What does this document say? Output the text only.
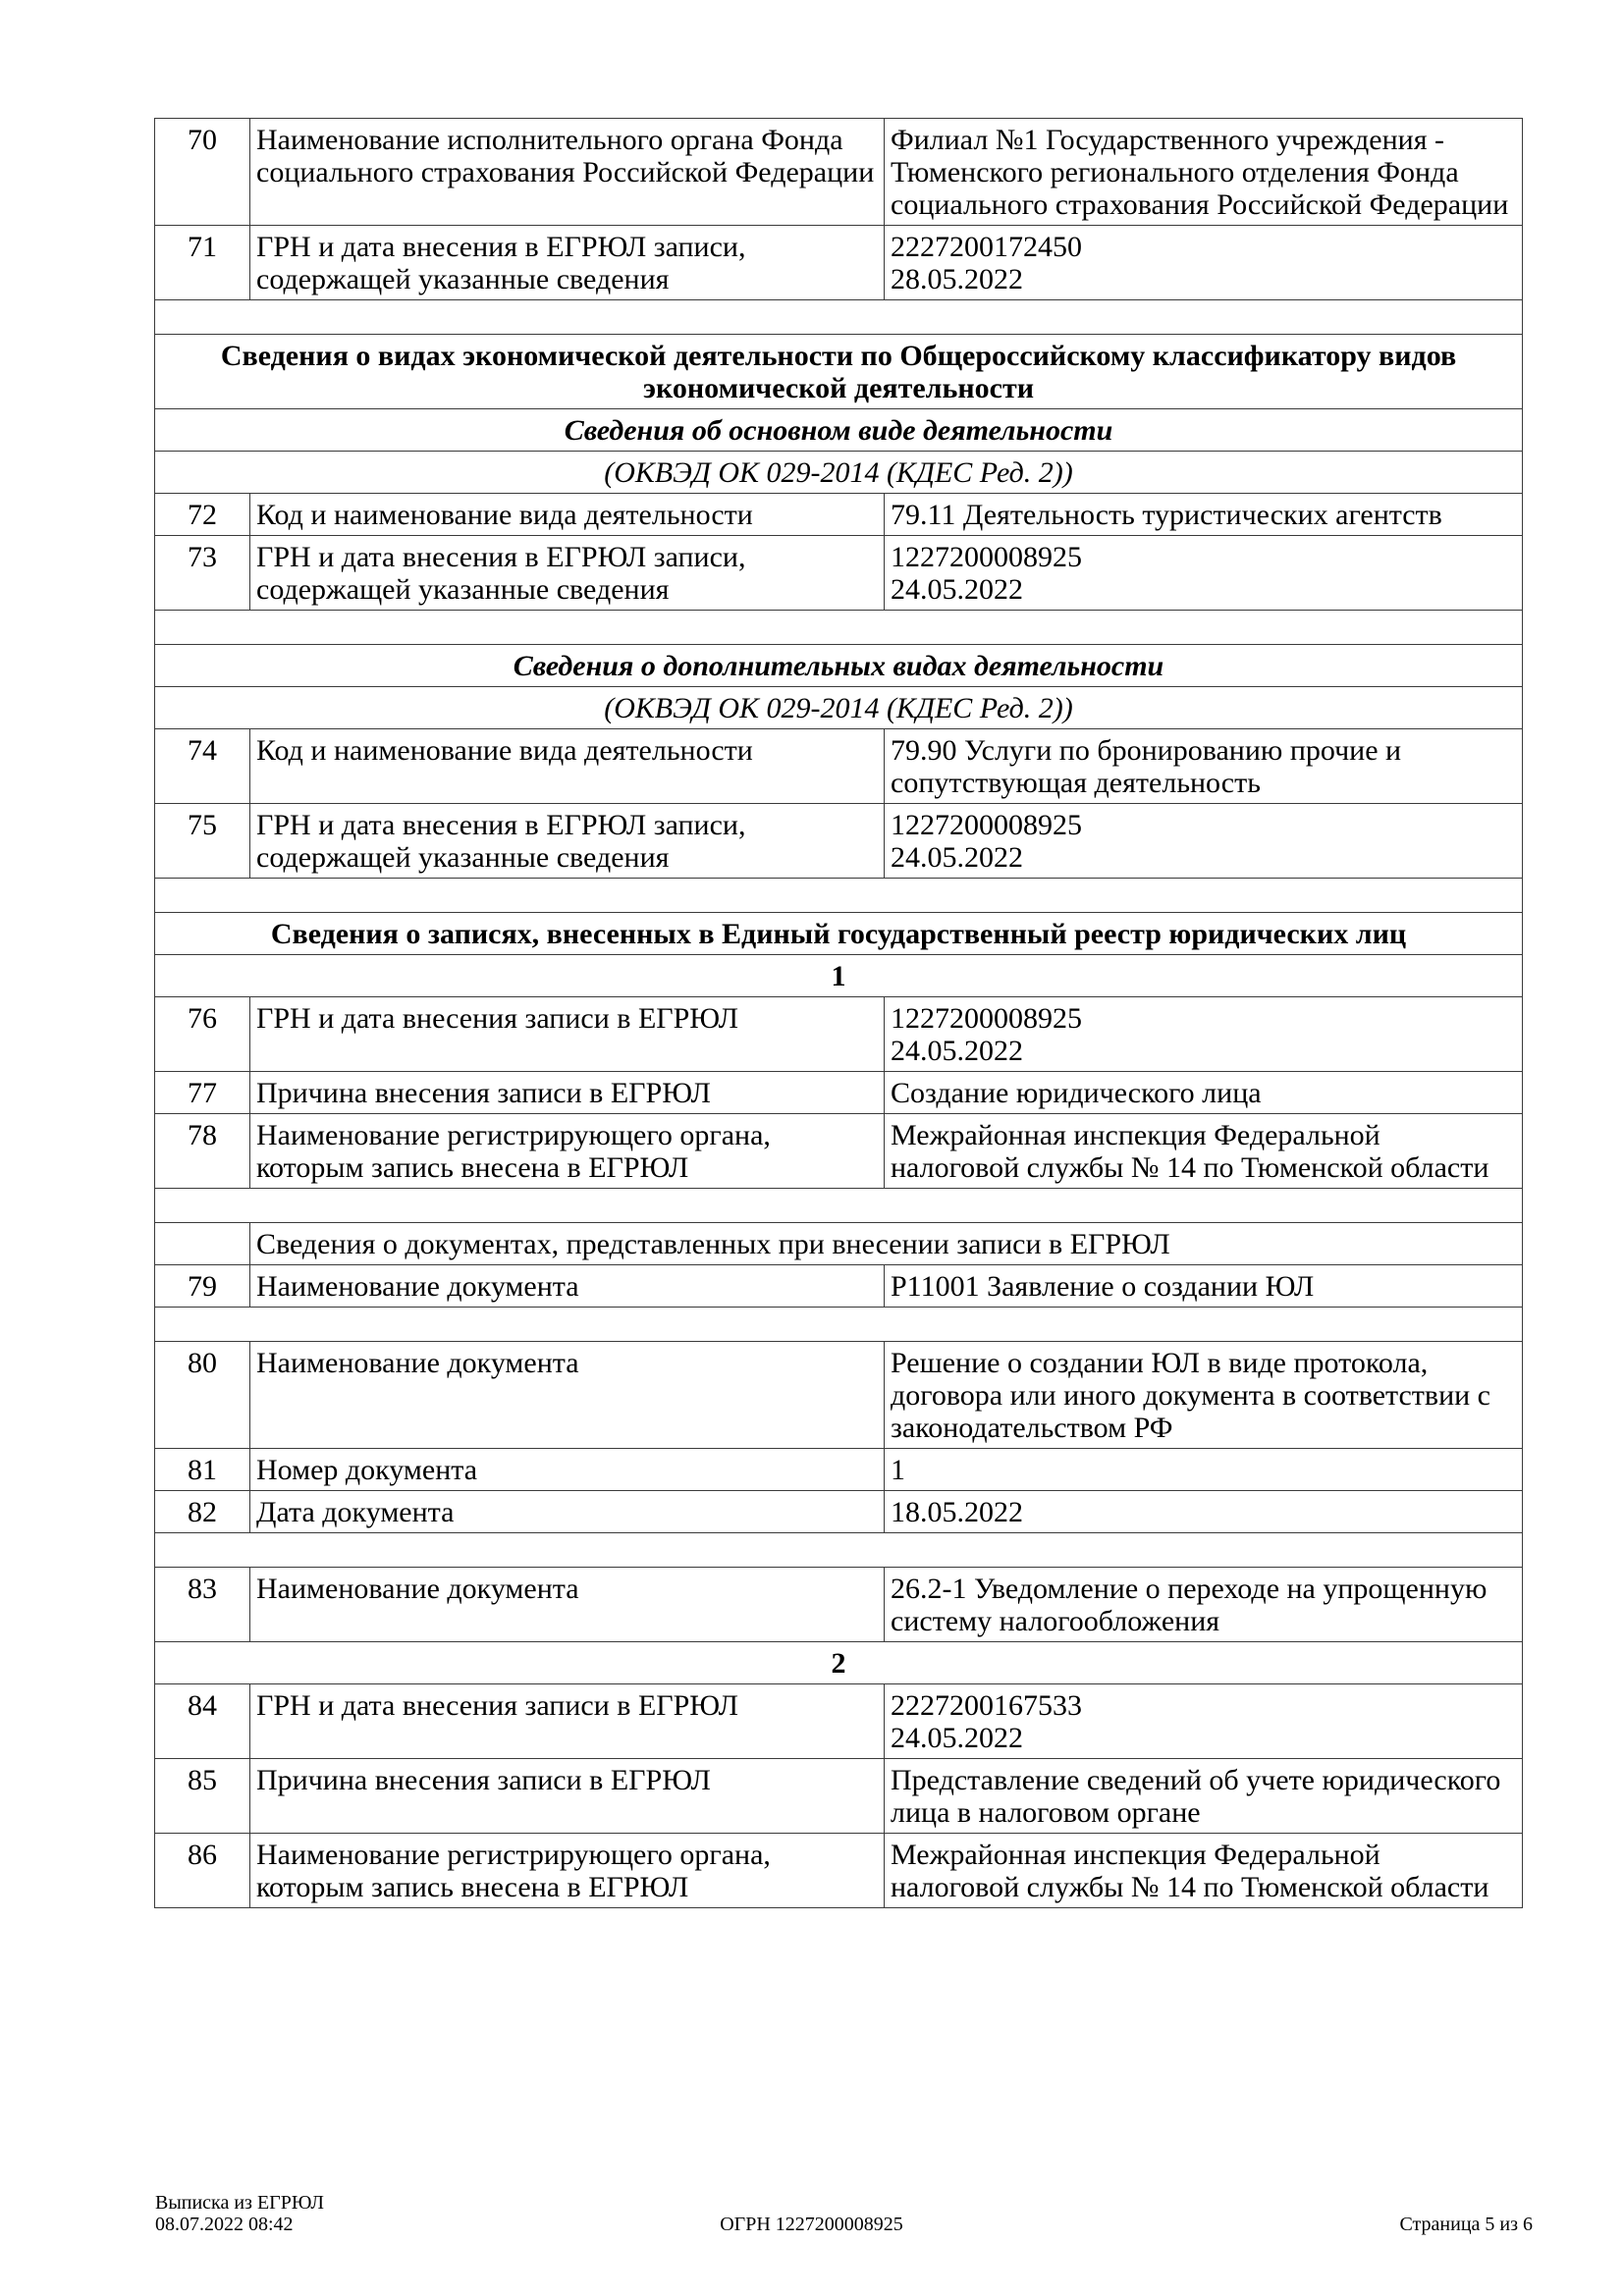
70	Наименование исполнительного органа Фонда социального страхования Российской Федерации	Филиал №1 Государственного учреждения - Тюменского регионального отделения Фонда социального страхования Российской Федерации
71	ГРН и дата внесения в ЕГРЮЛ записи, содержащей указанные сведения	2227200172450
28.05.2022

Сведения о видах экономической деятельности по Общероссийскому классификатору видов экономической деятельности		
Сведения об основном виде деятельности		
(ОКВЭД ОК 029-2014 (КДЕС Ред. 2))		
72	Код и наименование вида деятельности	79.11 Деятельность туристических агентств
73	ГРН и дата внесения в ЕГРЮЛ записи, содержащей указанные сведения	1227200008925
24.05.2022

Сведения о дополнительных видах деятельности		
(ОКВЭД ОК 029-2014 (КДЕС Ред. 2))		
74	Код и наименование вида деятельности	79.90 Услуги по бронированию прочие и сопутствующая деятельность
75	ГРН и дата внесения в ЕГРЮЛ записи, содержащей указанные сведения	1227200008925
24.05.2022

Сведения о записях, внесенных в Единый государственный реестр юридических лиц		
1		
76	ГРН и дата внесения записи в ЕГРЮЛ	1227200008925
24.05.2022
77	Причина внесения записи в ЕГРЮЛ	Создание юридического лица
78	Наименование регистрирующего органа, которым запись внесена в ЕГРЮЛ	Межрайонная инспекция Федеральной налоговой службы № 14 по Тюменской области

	Сведения о документах, представленных при внесении записи в ЕГРЮЛ	
79	Наименование документа	Р11001 Заявление о создании ЮЛ

80	Наименование документа	Решение о создании ЮЛ в виде протокола, договора или иного документа в соответствии с законодательством РФ
81	Номер документа	1
82	Дата документа	18.05.2022

83	Наименование документа	26.2-1 Уведомление о переходе на упрощенную систему налогообложения
2		
84	ГРН и дата внесения записи в ЕГРЮЛ	2227200167533
24.05.2022
85	Причина внесения записи в ЕГРЮЛ	Представление сведений об учете юридического лица в налоговом органе
86	Наименование регистрирующего органа, которым запись внесена в ЕГРЮЛ	Межрайонная инспекция Федеральной налоговой службы № 14 по Тюменской области
Выписка из ЕГРЮЛ
08.07.2022 08:42	ОГРН 1227200008925	Страница 5 из 6
